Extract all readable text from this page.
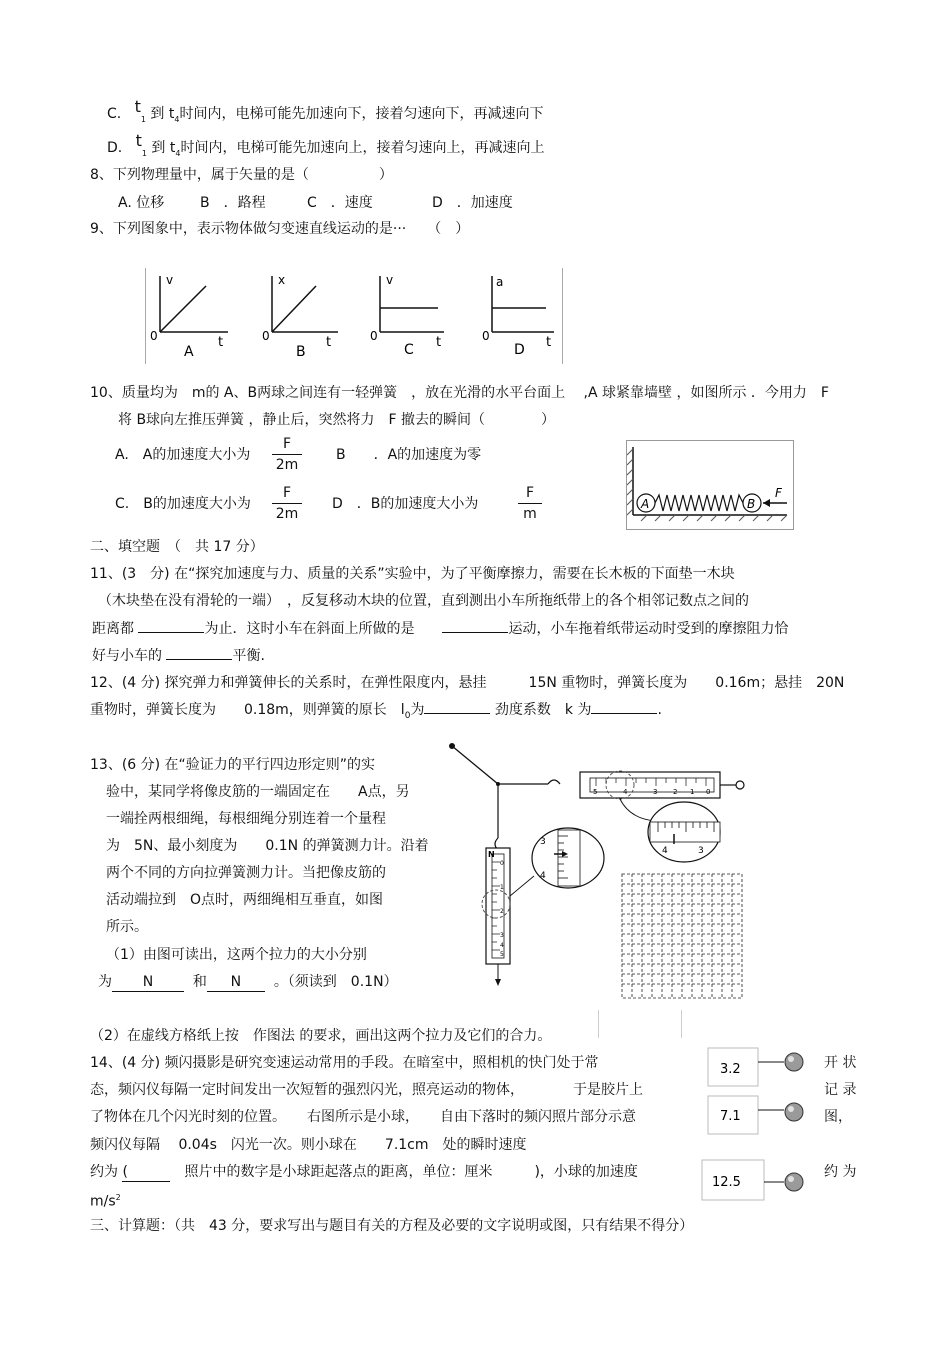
C. $t_1$ 到 $t_4$时间内，电梯可能先加速向下，接着匀速向下，再减速向下
D. $t_1$ 到 $t_4$时间内，电梯可能先加速向上，接着匀速向上，再减速向上
8、下列物理量中，属于矢量的是（　　　　　）
A. 位移	B　．路程	C　．速度	D　．加速度
9、下列图象中，表示物体做匀变速直线运动的是···　　（　）
v
0	t
A
x
0	t
B
v
0	t
C
a
0	t
D
10、质量均为　m的 A、B两球之间连有一轻弹簧　，放在光滑的水平台面上　 ,A 球紧靠墙壁 ，如图所示 ．今用力　F
将 B球向左推压弹簧 ，静止后，突然将力　F 撤去的瞬间（　　　　）
A.　A的加速度大小为 $\frac{F}{2m}$ B　　．A的加速度为零
C.　B的加速度大小为 $\frac{F}{2m}$ D　．B的加速度大小为	$\frac{F}{m}$	A	B
F
二、填空题　（　共 17 分）
11、(3　分) 在“探究加速度与力、质量的关系”实验中，为了平衡摩擦力，需要在长木板的下面垫一木块
（木块垫在没有滑轮的一端）　，反复移动木块的位置，直到测出小车所拖纸带上的各个相邻记数点之间的
距离都	为止．这时小车在斜面上所做的是　　	运动，小车拖着纸带运动时受到的摩擦阻力恰
好与小车的	平衡.
12、(4 分) 探究弹力和弹簧伸长的关系时，在弹性限度内，悬挂　　　15N 重物时，弹簧长度为　　0.16m；悬挂　20N
重物时，弹簧长度为　　0.18m，则弹簧的原长　$l_0$为	劲度系数　k 为	.
13、(6 分) 在“验证力的平行四边形定则”的实
验中，某同学将像皮筋的一端固定在　　A点，另
一端拴两根细绳，每根细绳分别连着一个量程
为　5N、最小刻度为　　0.1N 的弹簧测力计。沿着
两个不同的方向拉弹簧测力计。当把像皮筋的
活动端拉到　O点时，两细绳相互垂直，如图
所示。
（1）由图可读出，这两个拉力的大小分别
为 N	和 N 。（须读到　0.1N）
5	4	3 2 1 0
4	3
N
0
1
2
3
4
5
3
4
（2）在虚线方格纸上按　作图法 的要求，画出这两个拉力及它们的合力。
14、(4 分) 频闪摄影是研究变速运动常用的手段。在暗室中，照相机的快门处于常	开 状
态，频闪仪每隔一定时间发出一次短暂的强烈闪光，照亮运动的物体，　　　　于是胶片上	记 录
了物体在几个闪光时刻的位置。　　右图所示是小球，　　自由下落时的频闪照片部分示意	图，
频闪仪每隔　 0.04s　闪光一次。则小球在　　7.1cm　处的瞬时速度
约为 (	　照片中的数字是小球距起落点的距离，单位：厘米　　　)，小球的加速度	约 为
$m/s^2$
3.2
7.1
12.5
三、计算题：（共　43 分，要求写出与题目有关的方程及必要的文字说明或图，只有结果不得分）
